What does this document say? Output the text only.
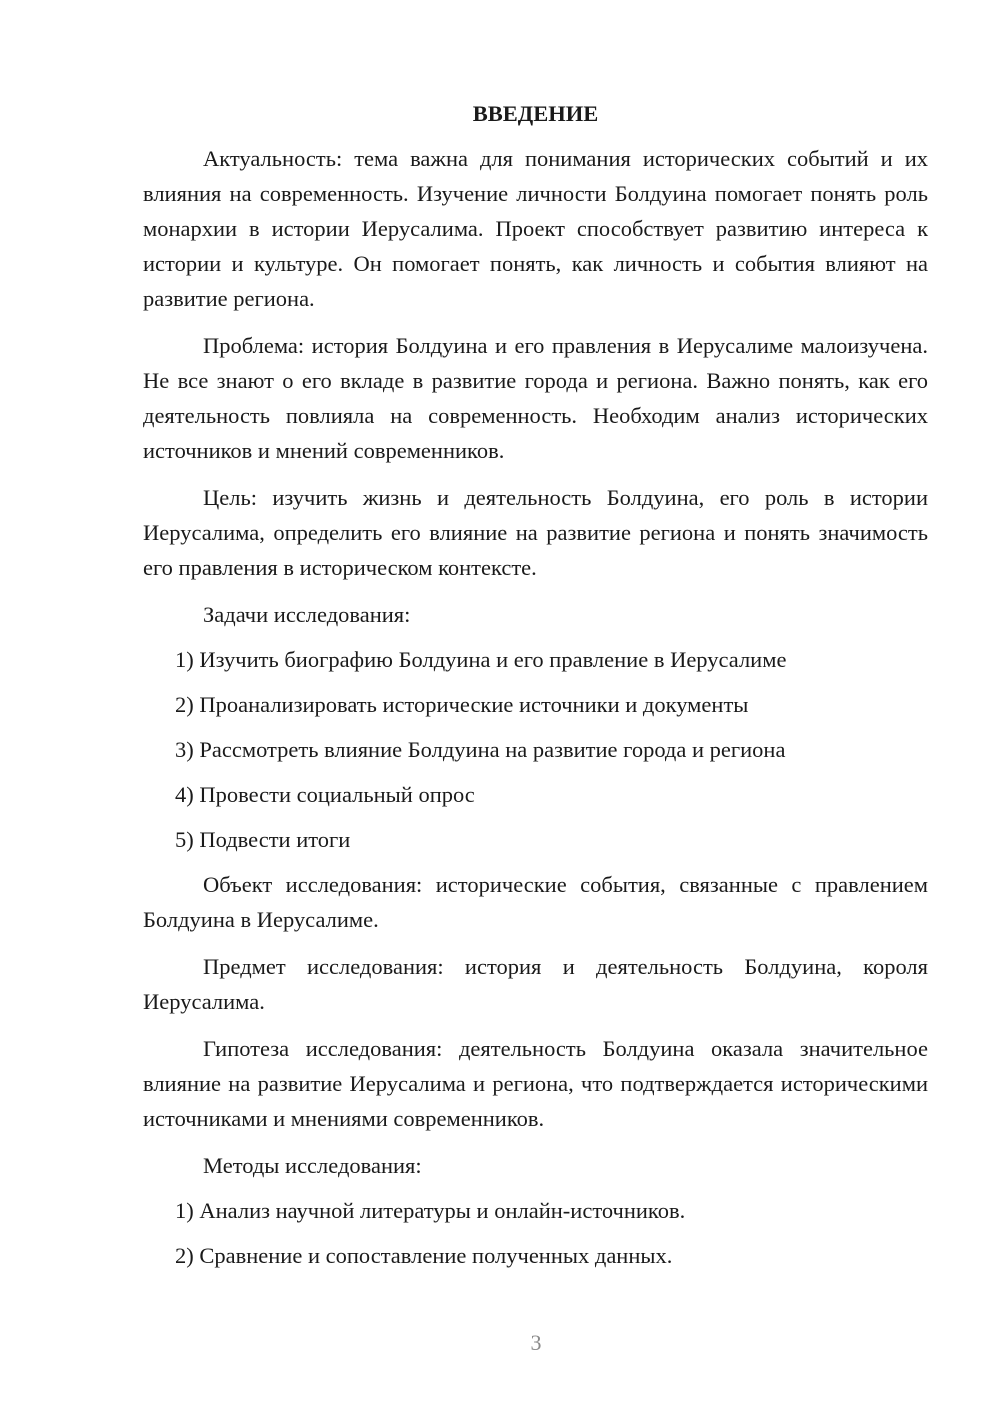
ВВЕДЕНИЕ

Актуальность: тема важна для понимания исторических событий и их влияния на современность. Изучение личности Болдуина помогает понять роль монархии в истории Иерусалима. Проект способствует развитию интереса к истории и культуре. Он помогает понять, как личность и события влияют на развитие региона.

Проблема: история Болдуина и его правления в Иерусалиме малоизучена. Не все знают о его вкладе в развитие города и региона. Важно понять, как его деятельность повлияла на современность. Необходим анализ исторических источников и мнений современников.

Цель: изучить жизнь и деятельность Болдуина, его роль в истории Иерусалима, определить его влияние на развитие региона и понять значимость его правления в историческом контексте.

Задачи исследования:

1) Изучить биографию Болдуина и его правление в Иерусалиме
2) Проанализировать исторические источники и документы
3) Рассмотреть влияние Болдуина на развитие города и региона
4) Провести социальный опрос
5) Подвести итоги

Объект исследования: исторические события, связанные с правлением Болдуина в Иерусалиме.

Предмет исследования: история и деятельность Болдуина, короля Иерусалима.

Гипотеза исследования: деятельность Болдуина оказала значительное влияние на развитие Иерусалима и региона, что подтверждается историческими источниками и мнениями современников.

Методы исследования:

1) Анализ научной литературы и онлайн-источников.
2) Сравнение и сопоставление полученных данных.
3
